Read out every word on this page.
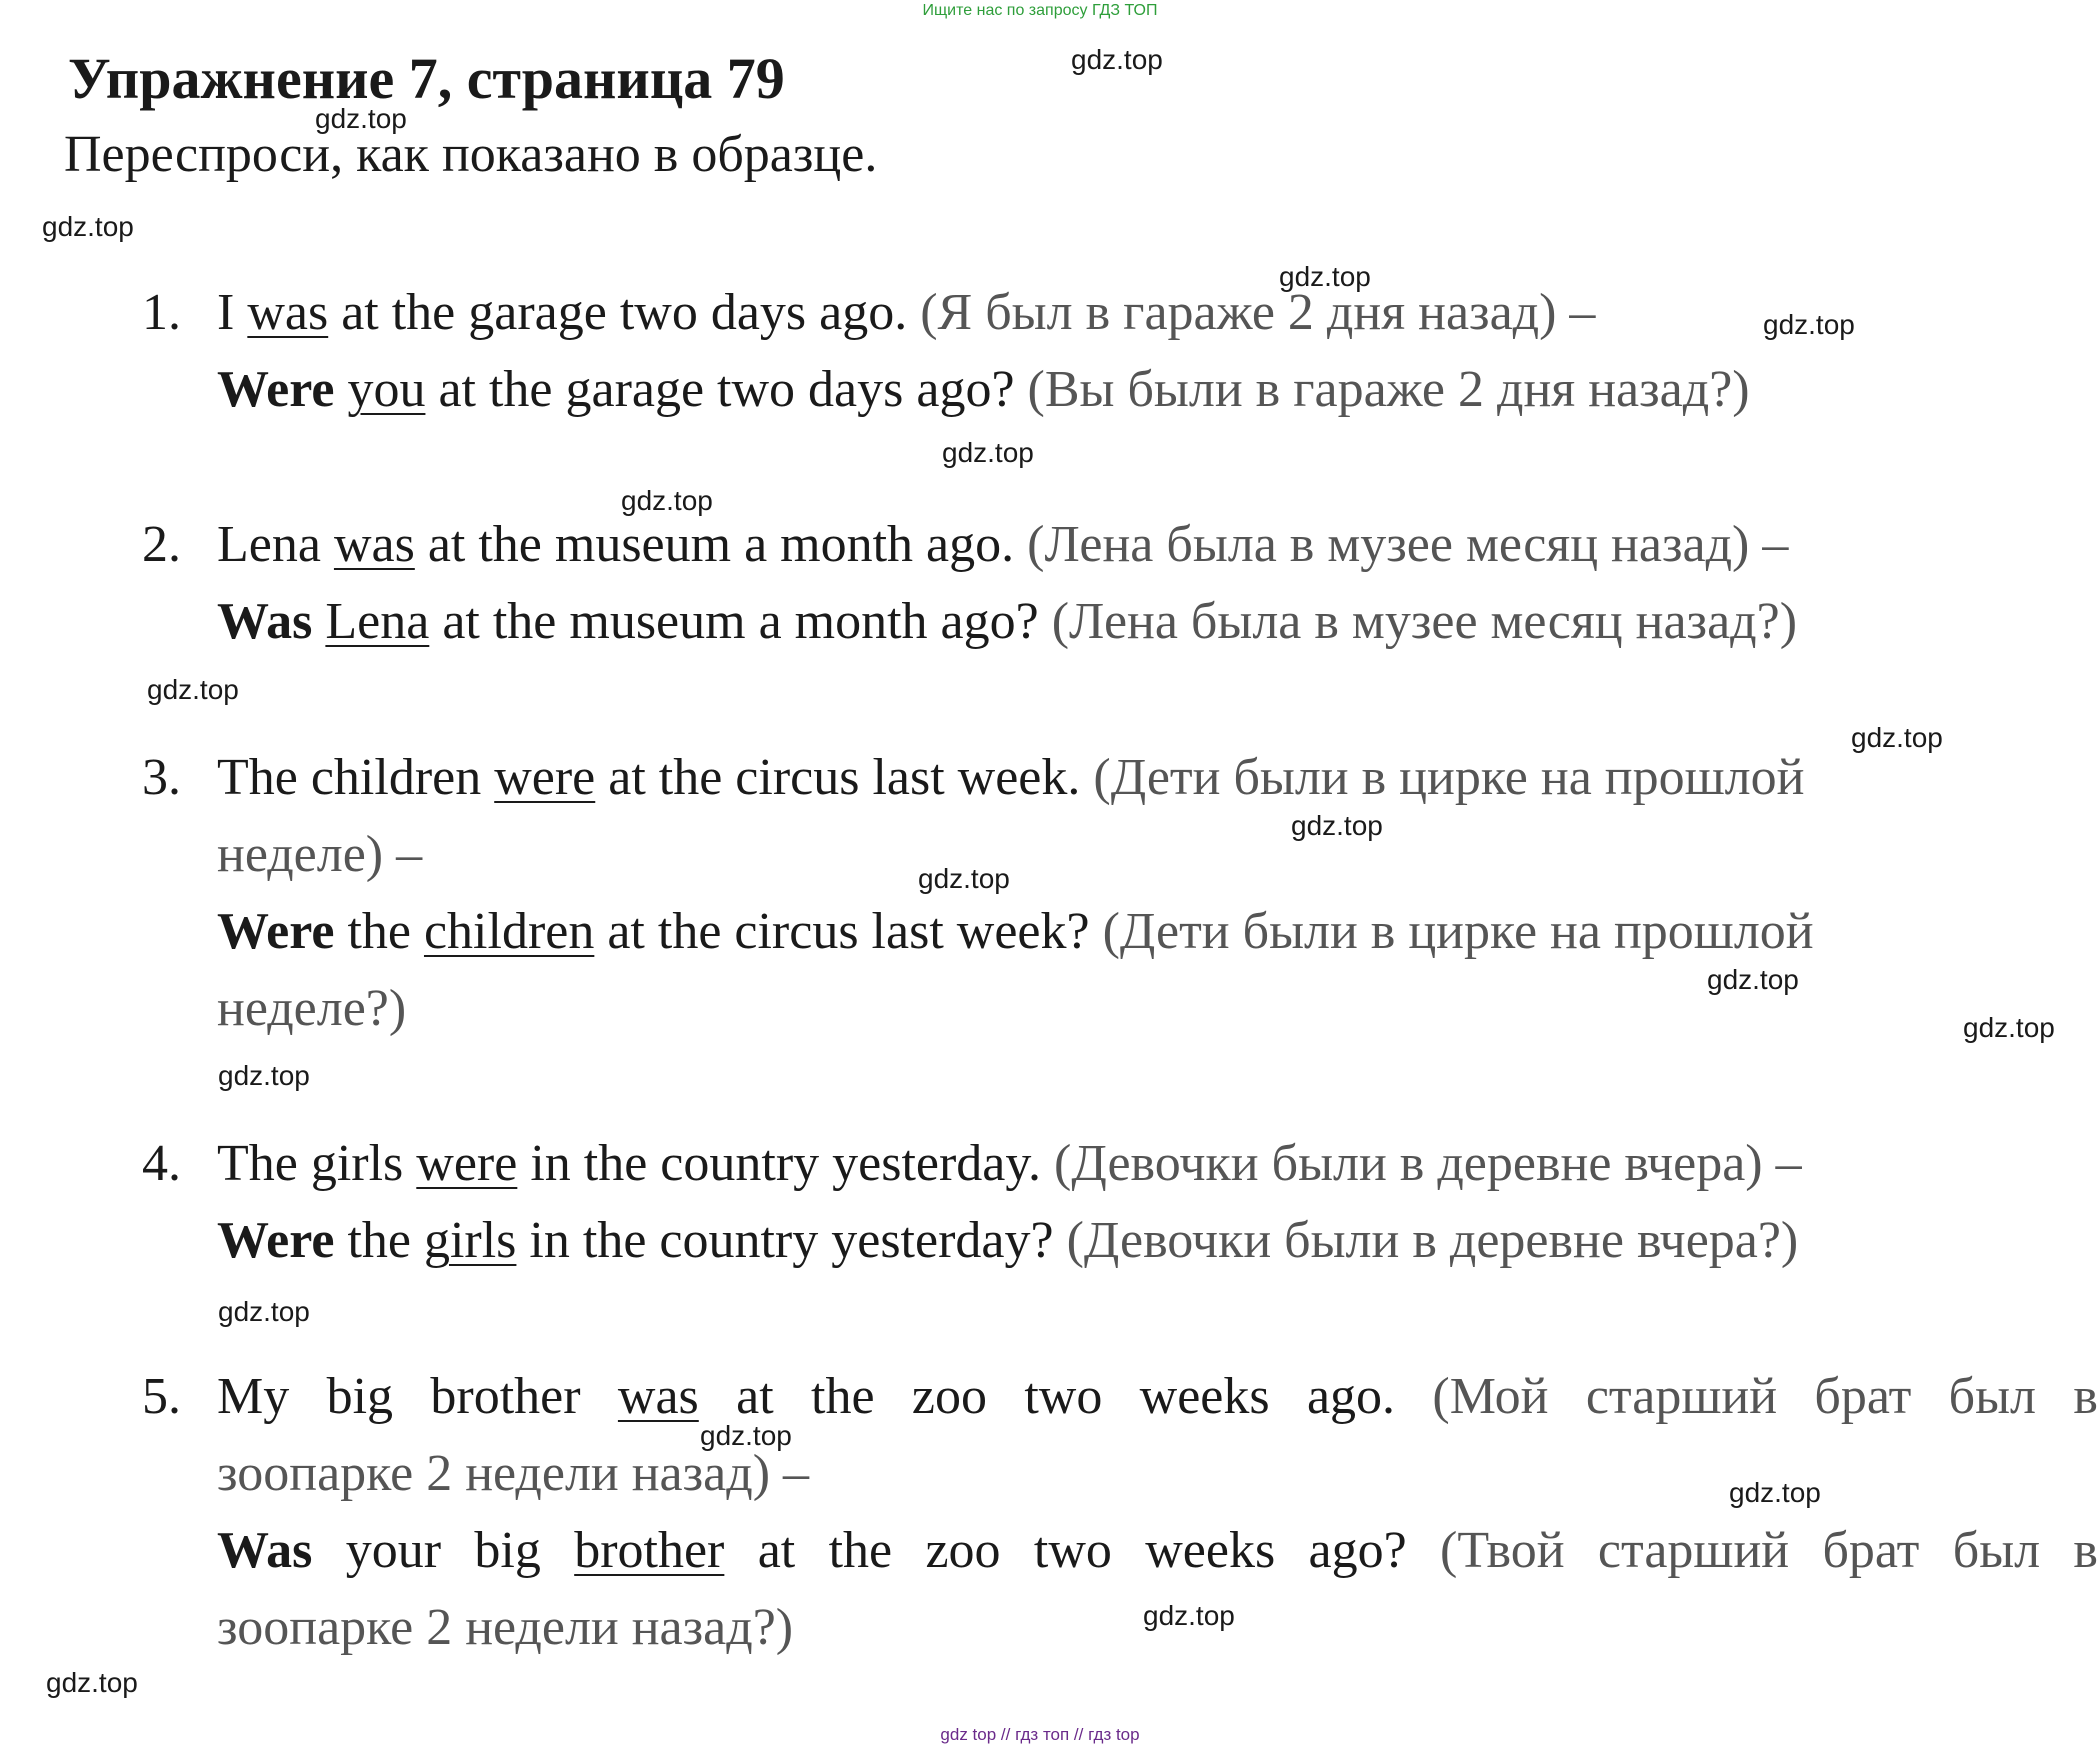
Ищите нас по запросу ГДЗ ТОП
Упражнение 7, страница 79
Переспроси, как показано в образце.
1. I was at the garage two days ago. (Я был в гараже 2 дня назад) –
Were you at the garage two days ago? (Вы были в гараже 2 дня назад?)
2. Lena was at the museum a month ago. (Лена была в музее месяц назад) –
Was Lena at the museum a month ago? (Лена была в музее месяц назад?)
3. The children were at the circus last week. (Дети были в цирке на прошлой
неделе) –
Were the children at the circus last week? (Дети были в цирке на прошлой
неделе?)
4. The girls were in the country yesterday. (Девочки были в деревне вчера) –
Were the girls in the country yesterday? (Девочки были в деревне вчера?)
5. My big brother was at the zoo two weeks ago. (Мой старший брат был в
зоопарке 2 недели назад) –
Was your big brother at the zoo two weeks ago? (Твой старший брат был в
зоопарке 2 недели назад?)
gdz.top
gdz.top
gdz.top
gdz.top
gdz.top
gdz.top
gdz.top
gdz.top
gdz.top
gdz.top
gdz.top
gdz.top
gdz.top
gdz.top
gdz.top
gdz.top
gdz.top
gdz.top
gdz.top
gdz top // гдз топ // гдз top
